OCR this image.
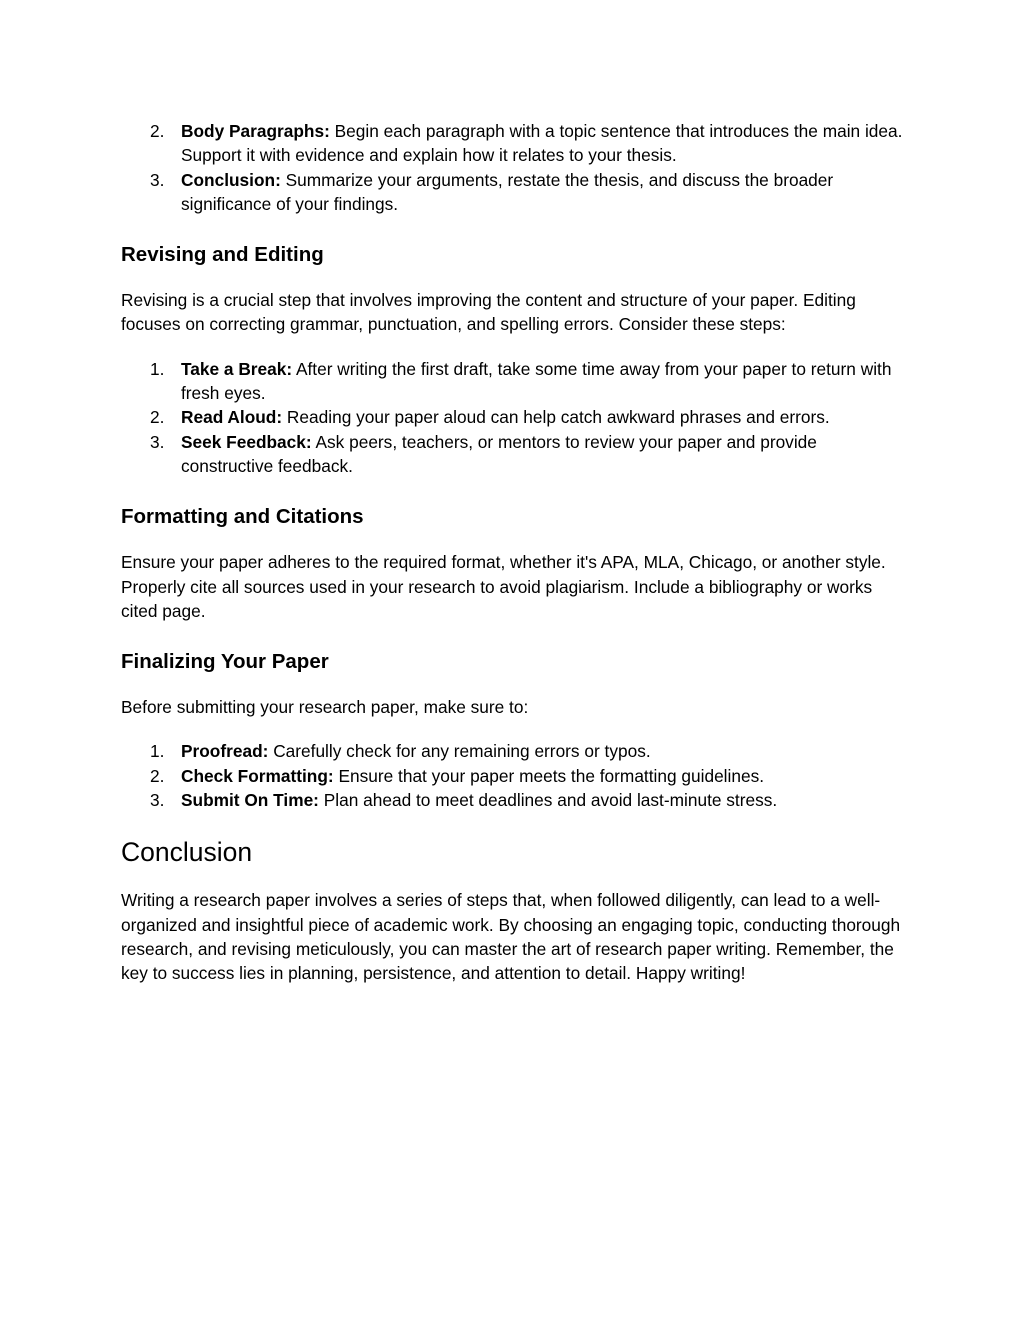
2. Body Paragraphs: Begin each paragraph with a topic sentence that introduces the main idea. Support it with evidence and explain how it relates to your thesis.
3. Conclusion: Summarize your arguments, restate the thesis, and discuss the broader significance of your findings.
Revising and Editing

Revising is a crucial step that involves improving the content and structure of your paper. Editing focuses on correcting grammar, punctuation, and spelling errors. Consider these steps:

1. Take a Break: After writing the first draft, take some time away from your paper to return with fresh eyes.
2. Read Aloud: Reading your paper aloud can help catch awkward phrases and errors.
3. Seek Feedback: Ask peers, teachers, or mentors to review your paper and provide constructive feedback.
Formatting and Citations

Ensure your paper adheres to the required format, whether it's APA, MLA, Chicago, or another style. Properly cite all sources used in your research to avoid plagiarism. Include a bibliography or works cited page.

Finalizing Your Paper

Before submitting your research paper, make sure to:

1. Proofread: Carefully check for any remaining errors or typos.
2. Check Formatting: Ensure that your paper meets the formatting guidelines.
3. Submit On Time: Plan ahead to meet deadlines and avoid last-minute stress.
Conclusion

Writing a research paper involves a series of steps that, when followed diligently, can lead to a well-organized and insightful piece of academic work. By choosing an engaging topic, conducting thorough research, and revising meticulously, you can master the art of research paper writing. Remember, the key to success lies in planning, persistence, and attention to detail. Happy writing!
